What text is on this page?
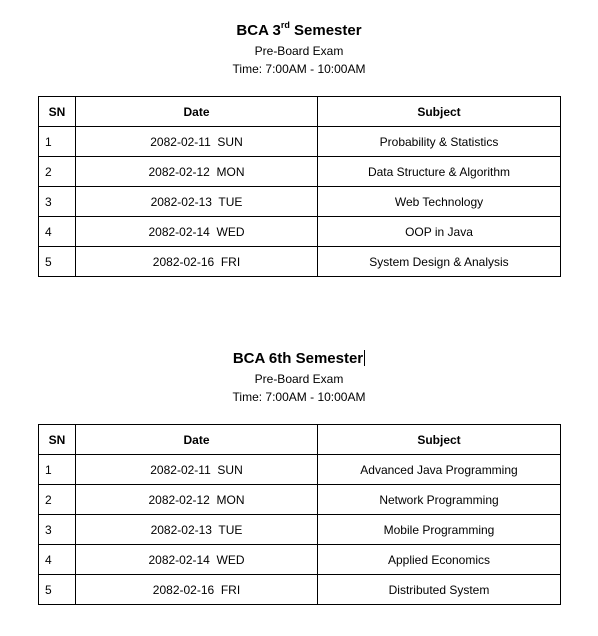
BCA 3rd Semester
Pre-Board Exam
Time: 7:00AM - 10:00AM
SN	Date	Subject
1	2082-02-11  SUN	Probability & Statistics
2	2082-02-12  MON	Data Structure & Algorithm
3	2082-02-13  TUE	Web Technology
4	2082-02-14  WED	OOP in Java
5	2082-02-16  FRI	System Design & Analysis
BCA 6th Semester
Pre-Board Exam
Time: 7:00AM - 10:00AM
SN	Date	Subject
1	2082-02-11  SUN	Advanced Java Programming
2	2082-02-12  MON	Network Programming
3	2082-02-13  TUE	Mobile Programming
4	2082-02-14  WED	Applied Economics
5	2082-02-16  FRI	Distributed System
